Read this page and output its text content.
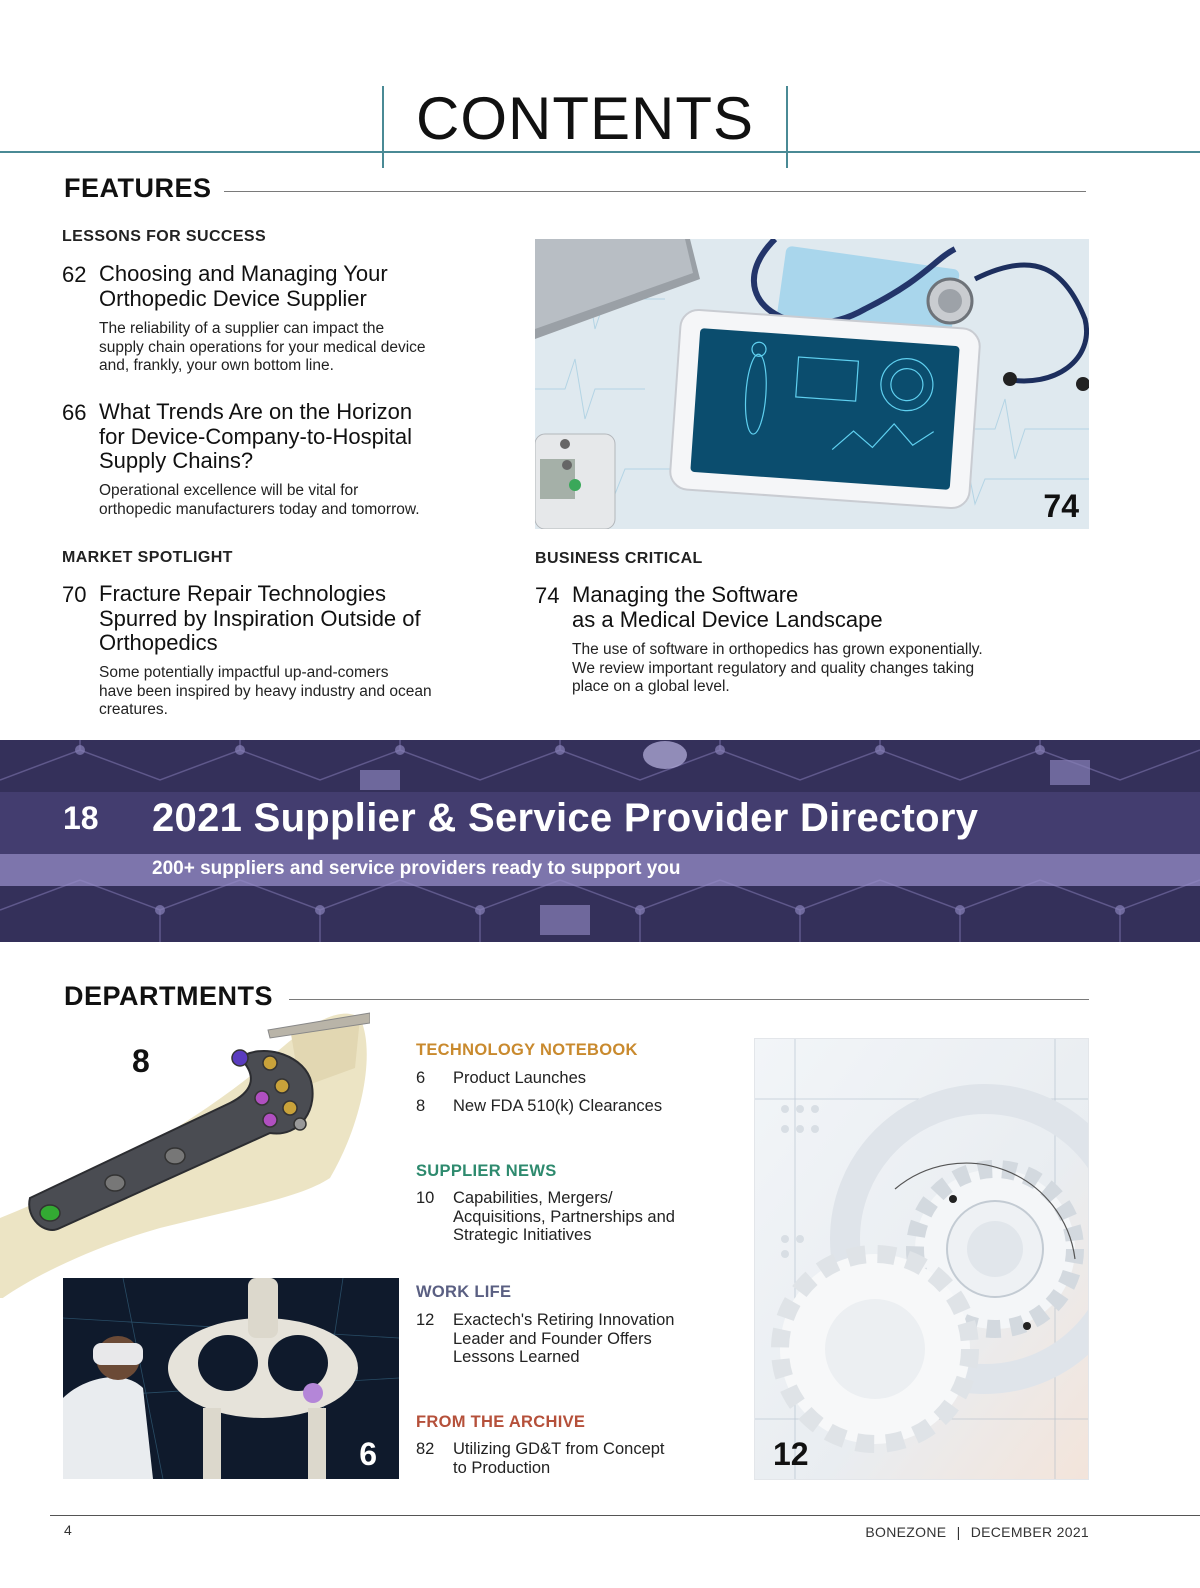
CONTENTS
FEATURES
LESSONS FOR SUCCESS
62 Choosing and Managing Your
Orthopedic Device Supplier
The reliability of a supplier can impact the
supply chain operations for your medical device
and, frankly, your own bottom line.
66 What Trends Are on the Horizon
for Device-Company-to-Hospital
Supply Chains?
Operational excellence will be vital for
orthopedic manufacturers today and tomorrow.
MARKET SPOTLIGHT
70 Fracture Repair Technologies
Spurred by Inspiration Outside of
Orthopedics
Some potentially impactful up-and-comers
have been inspired by heavy industry and ocean
creatures.
74
BUSINESS CRITICAL
74 Managing the Software
as a Medical Device Landscape
The use of software in orthopedics has grown exponentially.
We review important regulatory and quality changes taking
place on a global level.
18 2021 Supplier & Service Provider Directory
200+ suppliers and service providers ready to support you
DEPARTMENTS
8
6
TECHNOLOGY NOTEBOOK
6 Product Launches
8 New FDA 510(k) Clearances
SUPPLIER NEWS
10 Capabilities, Mergers/
Acquisitions, Partnerships and
Strategic Initiatives
WORK LIFE
12 Exactech's Retiring Innovation
Leader and Founder Offers
Lessons Learned
FROM THE ARCHIVE
82 Utilizing GD&T from Concept
to Production	12
4	BONEZONE | DECEMBER 2021
